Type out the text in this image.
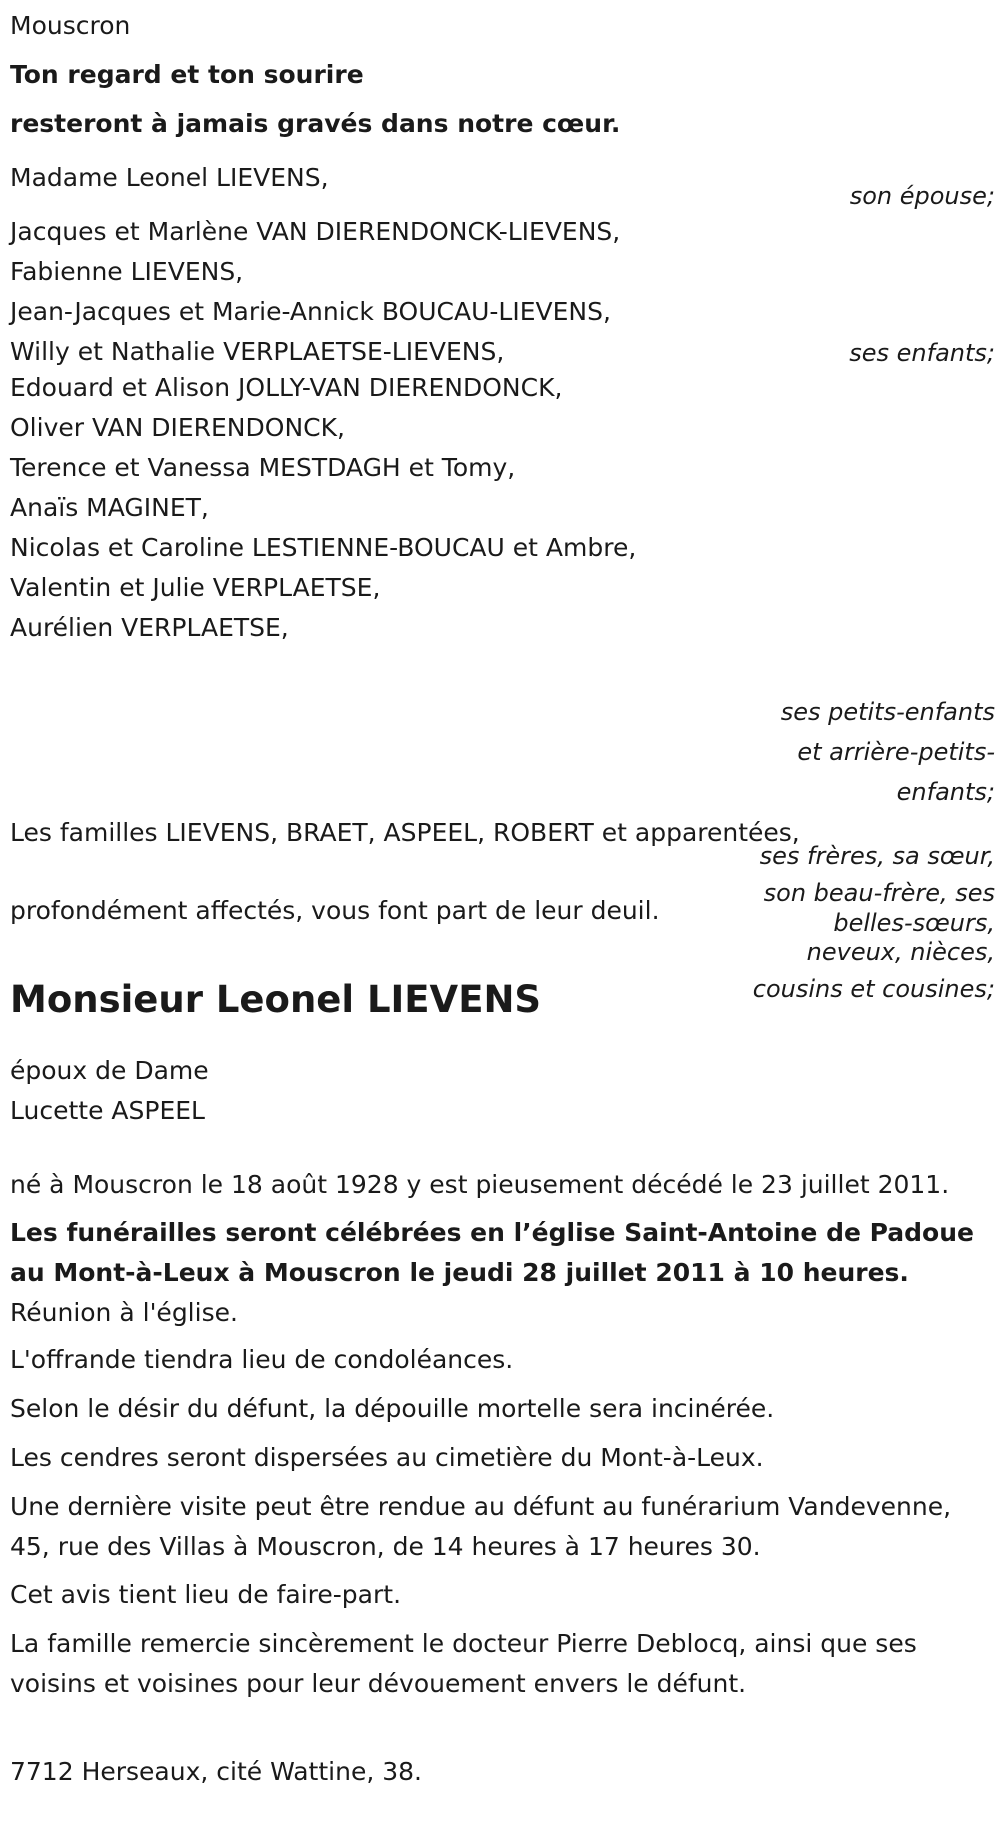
Mouscron
Ton regard et ton sourire
resteront à jamais gravés dans notre cœur.
Madame Leonel LIEVENS,
son épouse;
Jacques et Marlène VAN DIERENDONCK-LIEVENS,
Fabienne LIEVENS,
Jean-Jacques et Marie-Annick BOUCAU-LIEVENS,
Willy et Nathalie VERPLAETSE-LIEVENS,	ses enfants;
Edouard et Alison JOLLY-VAN DIERENDONCK,
Oliver VAN DIERENDONCK,
Terence et Vanessa MESTDAGH et Tomy,
Anaïs MAGINET,
Nicolas et Caroline LESTIENNE-BOUCAU et Ambre,
Valentin et Julie VERPLAETSE,
Aurélien VERPLAETSE,
ses petits-enfants
et arrière-petits-
enfants;
Les familles LIEVENS, BRAET, ASPEEL, ROBERT et apparentées,
ses frères, sa sœur,
son beau-frère, ses
belles-sœurs,
neveux, nièces,
cousins et cousines;
profondément affectés, vous font part de leur deuil.
Monsieur Leonel LIEVENS
époux de Dame
Lucette ASPEEL
né à Mouscron le 18 août 1928 y est pieusement décédé le 23 juillet 2011.
Les funérailles seront célébrées en l’église Saint-Antoine de Padoue au Mont-à-Leux à Mouscron le jeudi 28 juillet 2011 à 10 heures. Réunion à l'église.
L'offrande tiendra lieu de condoléances.
Selon le désir du défunt, la dépouille mortelle sera incinérée.
Les cendres seront dispersées au cimetière du Mont-à-Leux.
Une dernière visite peut être rendue au défunt au funérarium Vandevenne, 45, rue des Villas à Mouscron, de 14 heures à 17 heures 30.
Cet avis tient lieu de faire-part.
La famille remercie sincèrement le docteur Pierre Deblocq, ainsi que ses voisins et voisines pour leur dévouement envers le défunt.
7712 Herseaux, cité Wattine, 38.
